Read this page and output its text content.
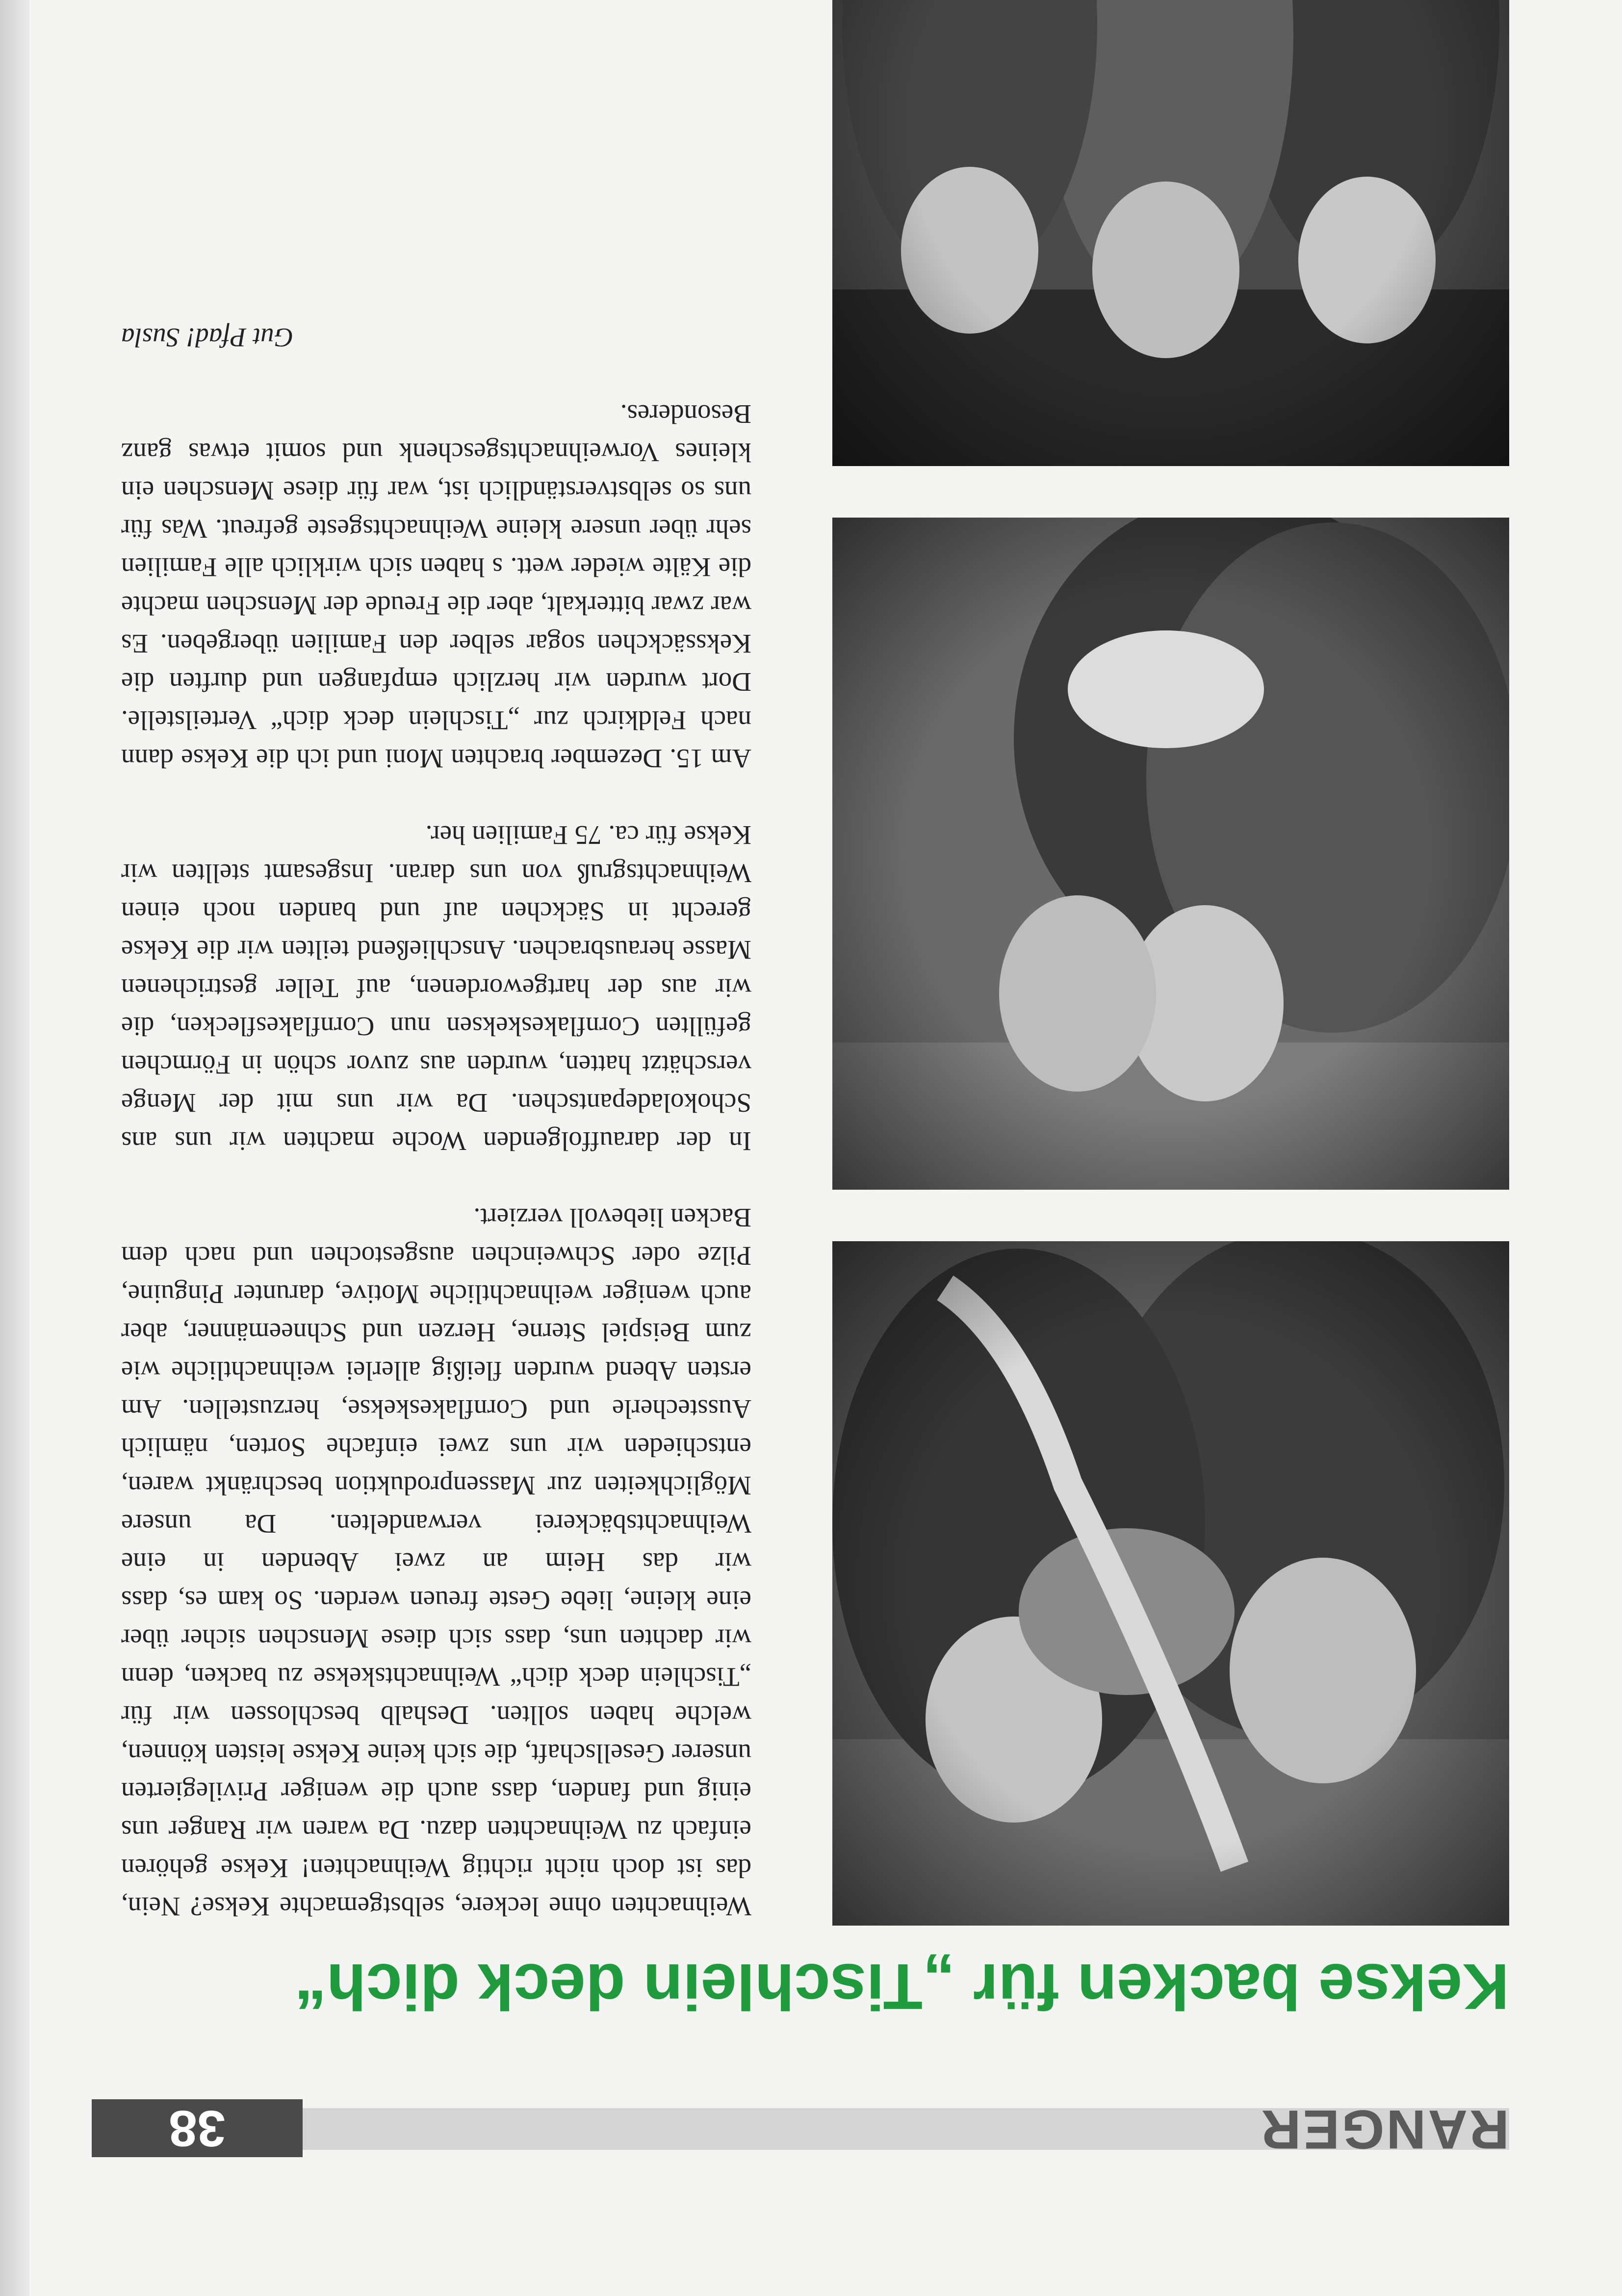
RANGER
38
Kekse backen für „Tischlein deck dich“

Weihnachten ohne leckere, selbstgemachte Kekse? Nein, das ist doch nicht richtig Weihnachten! Kekse gehören einfach zu Weihnachten dazu. Da waren wir Ranger uns einig und fanden, dass auch die weniger Privilegierten unserer Gesellschaft, die sich keine Kekse leisten können, welche haben sollten. Deshalb beschlossen wir für „Tischlein deck dich“ Weihnachtskekse zu backen, denn wir dachten uns, dass sich diese Menschen sicher über eine kleine, liebe Geste freuen werden. So kam es, dass wir das Heim an zwei Abenden in eine Weihnachtsbäckerei verwandelten. Da unsere Möglichkeiten zur Massenproduktion beschränkt waren, entschieden wir uns zwei einfache Sorten, nämlich Ausstecherle und Cornflakeskekse, herzustellen. Am ersten Abend wurden fleißig allerlei weihnachtliche wie zum Beispiel Sterne, Herzen und Schneemänner, aber auch weniger weihnachtliche Motive, darunter Pinguine, Pilze oder Schweinchen ausgestochen und nach dem Backen liebevoll verziert.

In der darauffolgenden Woche machten wir uns ans Schokoladepantschen. Da wir uns mit der Menge verschätzt hatten, wurden aus zuvor schön in Förmchen gefüllten Cornflakeskeksen nun Cornflakesflecken, die wir aus der hartgewordenen, auf Teller gestrichenen Masse herausbrachen. Anschließend teilten wir die Kekse gerecht in Säckchen auf und banden noch einen Weihnachtsgruß von uns daran. Insgesamt stellten wir Kekse für ca. 75 Familien her.

Am 15. Dezember brachten Moni und ich die Kekse dann nach Feldkirch zur „Tischlein deck dich“ Verteilstelle. Dort wurden wir herzlich empfangen und durften die Kekssäckchen sogar selber den Familien übergeben. Es war zwar bitterkalt, aber die Freude der Menschen machte die Kälte wieder wett. s haben sich wirklich alle Familien sehr über unsere kleine Weihnachtsgeste gefreut. Was für uns so selbstverständlich ist, war für diese Menschen ein kleines Vorweihnachtsgeschenk und somit etwas ganz Besonderes.

Gut Pfad! Susla
